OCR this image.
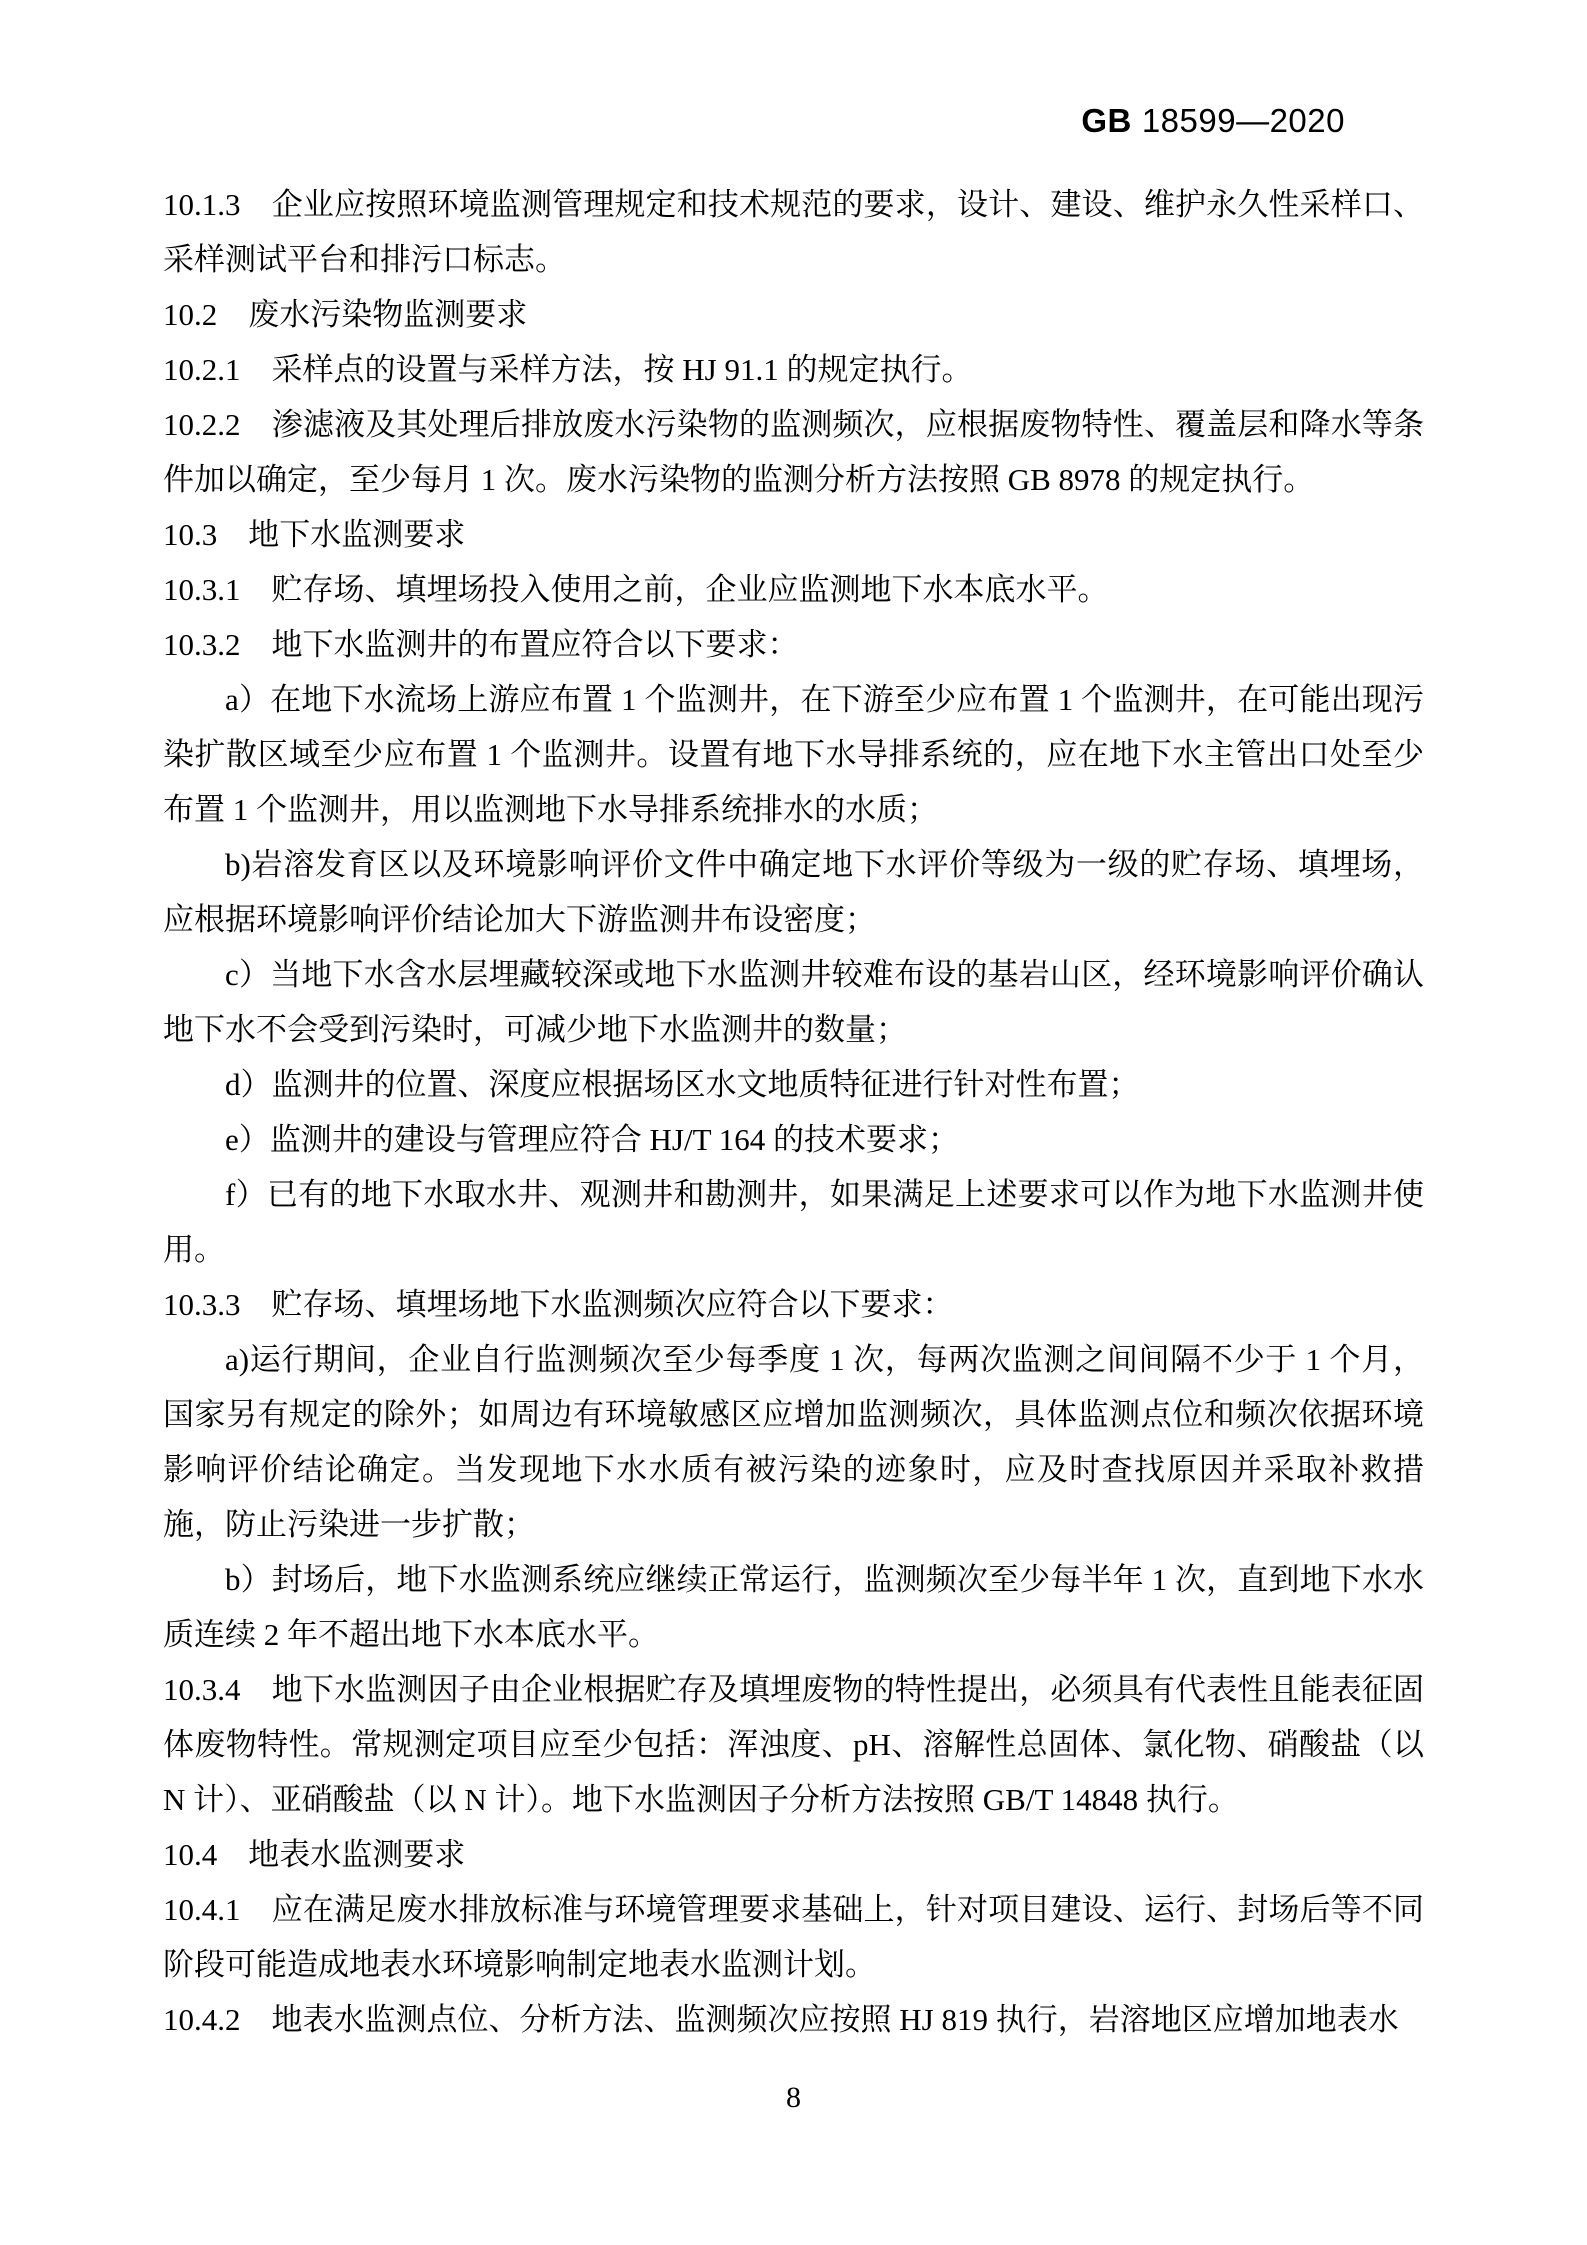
GB 18599—2020

10.1.3　企业应按照环境监测管理规定和技术规范的要求，设计、建设、维护永久性采样口、采样测试平台和排污口标志。

10.2　废水污染物监测要求

10.2.1　采样点的设置与采样方法，按 HJ 91.1 的规定执行。

10.2.2　渗滤液及其处理后排放废水污染物的监测频次，应根据废物特性、覆盖层和降水等条件加以确定，至少每月 1 次。废水污染物的监测分析方法按照 GB 8978 的规定执行。

10.3　地下水监测要求

10.3.1　贮存场、填埋场投入使用之前，企业应监测地下水本底水平。

10.3.2　地下水监测井的布置应符合以下要求：

a）在地下水流场上游应布置 1 个监测井，在下游至少应布置 1 个监测井，在可能出现污染扩散区域至少应布置 1 个监测井。设置有地下水导排系统的，应在地下水主管出口处至少布置 1 个监测井，用以监测地下水导排系统排水的水质；

b)岩溶发育区以及环境影响评价文件中确定地下水评价等级为一级的贮存场、填埋场，应根据环境影响评价结论加大下游监测井布设密度；

c）当地下水含水层埋藏较深或地下水监测井较难布设的基岩山区，经环境影响评价确认地下水不会受到污染时，可减少地下水监测井的数量；

d）监测井的位置、深度应根据场区水文地质特征进行针对性布置；

e）监测井的建设与管理应符合 HJ/T 164 的技术要求；

f）已有的地下水取水井、观测井和勘测井，如果满足上述要求可以作为地下水监测井使用。

10.3.3　贮存场、填埋场地下水监测频次应符合以下要求：

a)运行期间，企业自行监测频次至少每季度 1 次，每两次监测之间间隔不少于 1 个月，国家另有规定的除外；如周边有环境敏感区应增加监测频次，具体监测点位和频次依据环境影响评价结论确定。当发现地下水水质有被污染的迹象时，应及时查找原因并采取补救措施，防止污染进一步扩散；

b）封场后，地下水监测系统应继续正常运行，监测频次至少每半年 1 次，直到地下水水质连续 2 年不超出地下水本底水平。

10.3.4　地下水监测因子由企业根据贮存及填埋废物的特性提出，必须具有代表性且能表征固体废物特性。常规测定项目应至少包括：浑浊度、pH、溶解性总固体、氯化物、硝酸盐（以 N 计）、亚硝酸盐（以 N 计）。地下水监测因子分析方法按照 GB/T 14848 执行。

10.4　地表水监测要求

10.4.1　应在满足废水排放标准与环境管理要求基础上，针对项目建设、运行、封场后等不同阶段可能造成地表水环境影响制定地表水监测计划。

10.4.2　地表水监测点位、分析方法、监测频次应按照 HJ 819 执行，岩溶地区应增加地表水

8
